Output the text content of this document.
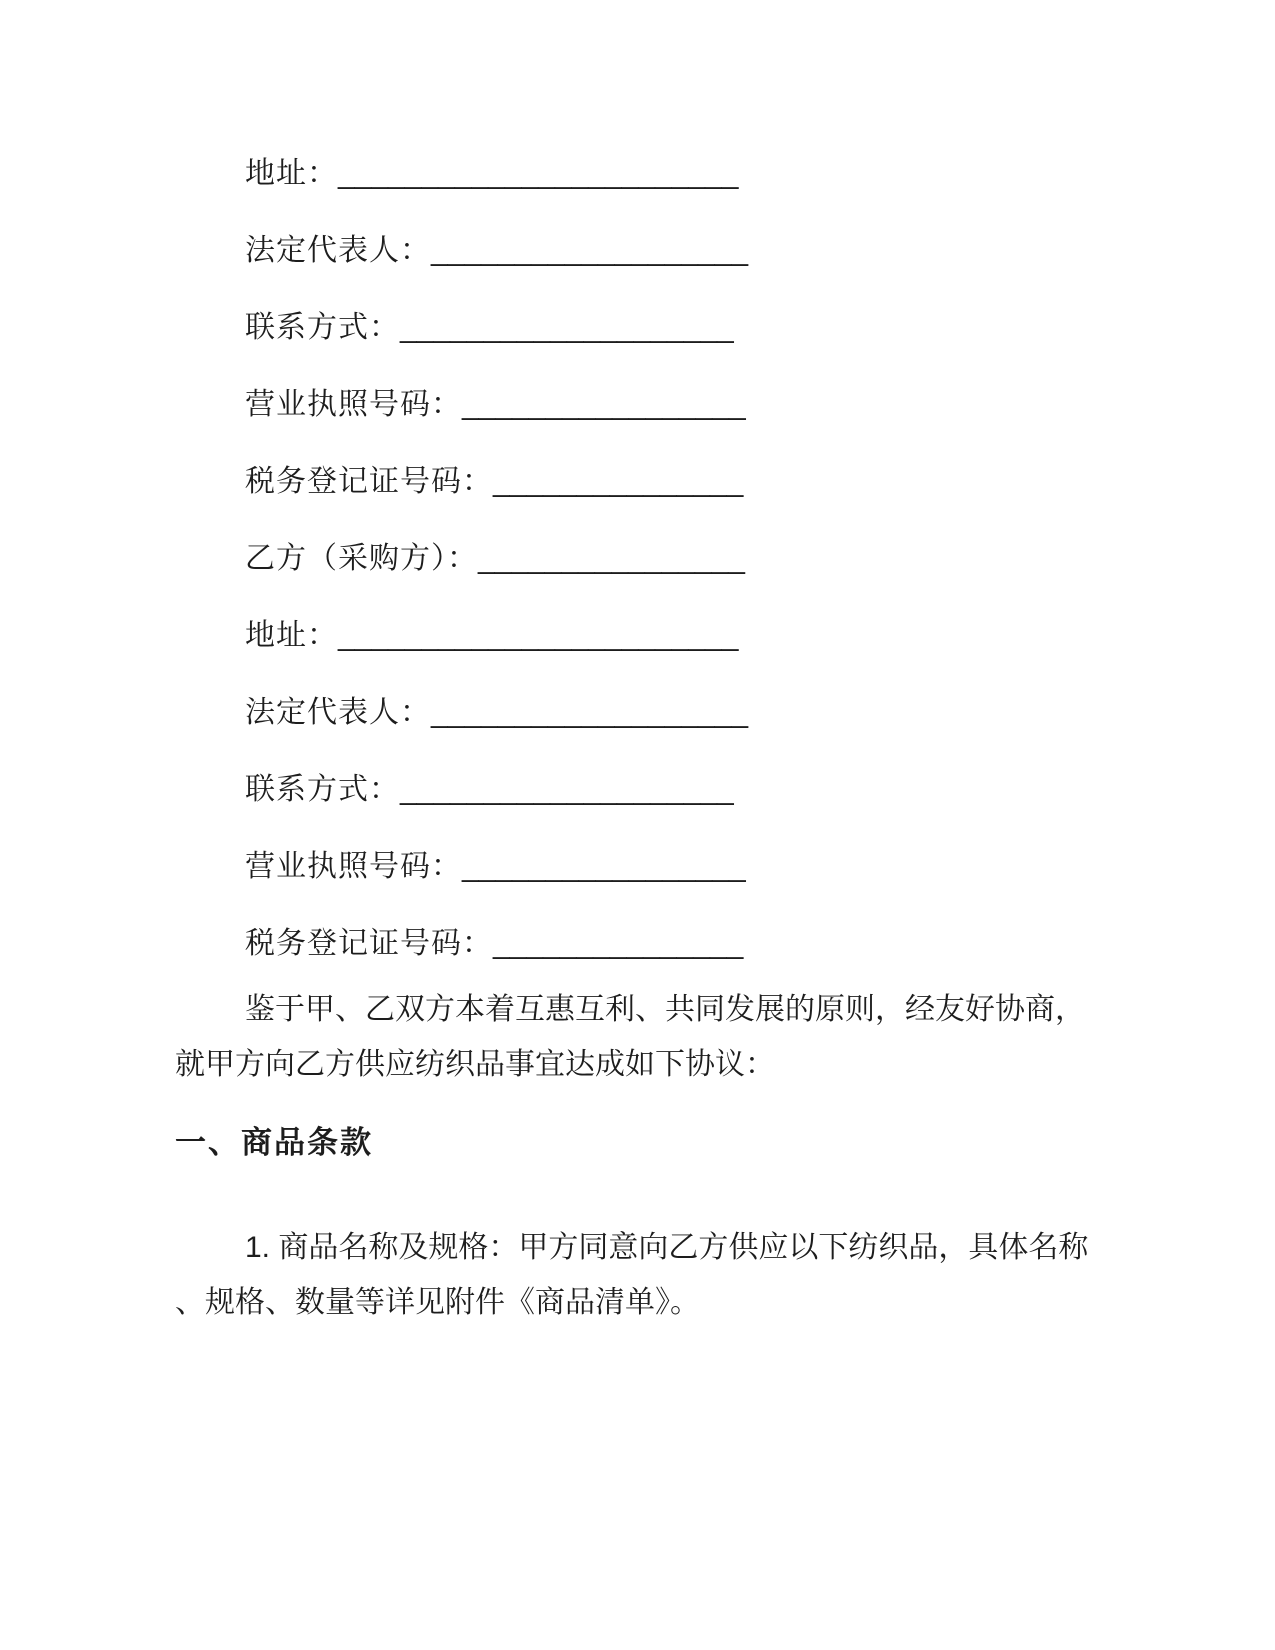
地址：________________________
法定代表人：___________________
联系方式：____________________
营业执照号码：_________________
税务登记证号码：_______________
乙方（采购方）：________________
地址：________________________
法定代表人：___________________
联系方式：____________________
营业执照号码：_________________
税务登记证号码：_______________
鉴于甲、乙双方本着互惠互利、共同发展的原则，经友好协商，
就甲方向乙方供应纺织品事宜达成如下协议：
一、商品条款
1. 商品名称及规格：甲方同意向乙方供应以下纺织品，具体名称
、规格、数量等详见附件《商品清单》。
